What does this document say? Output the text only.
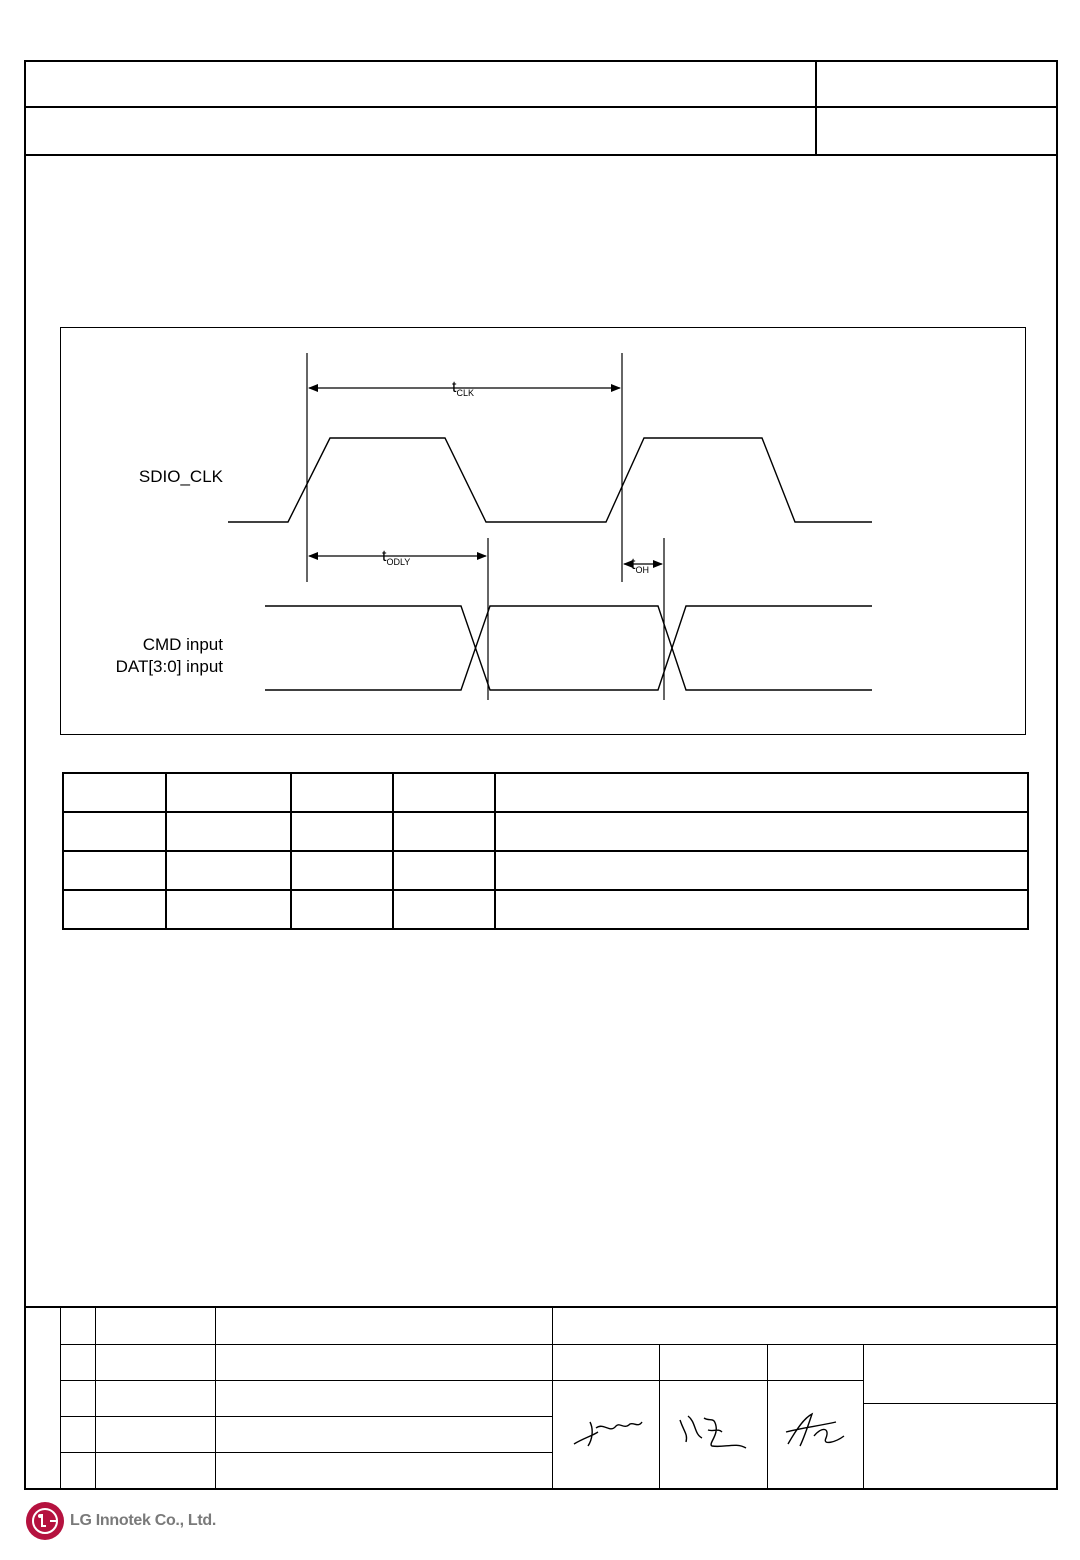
$t_{CLK}$
$t_{ODLY}$	$t_{OH}$
SDIO_CLK
CMD input
DAT[3:0] input

LG Innotek Co., Ltd.
